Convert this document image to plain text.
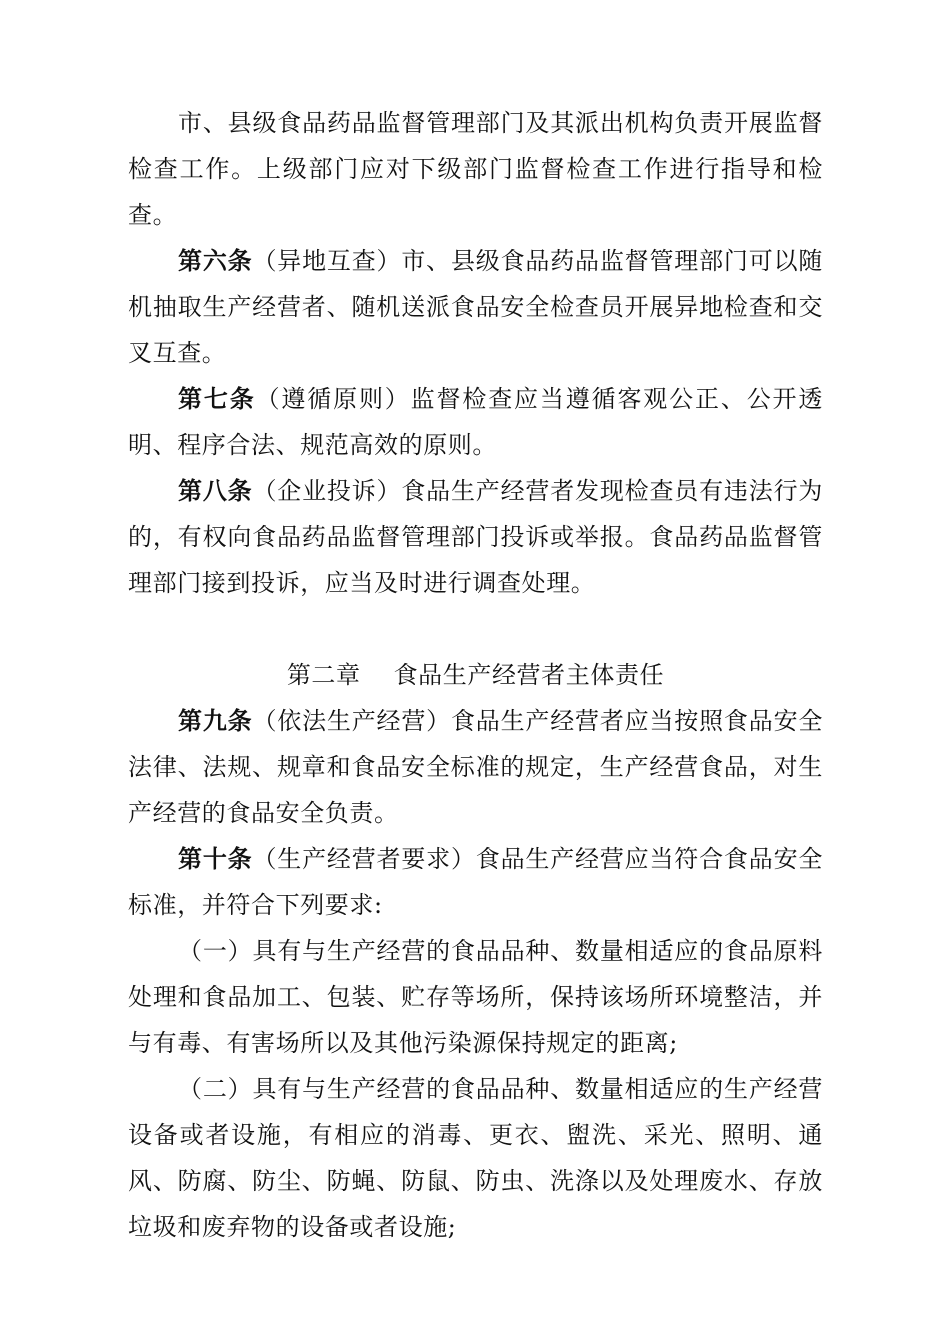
市、县级食品药品监督管理部门及其派出机构负责开展监督检查工作。上级部门应对下级部门监督检查工作进行指导和检查。

第六条（异地互查）市、县级食品药品监督管理部门可以随机抽取生产经营者、随机送派食品安全检查员开展异地检查和交叉互查。

第七条（遵循原则）监督检查应当遵循客观公正、公开透明、程序合法、规范高效的原则。

第八条（企业投诉）食品生产经营者发现检查员有违法行为的，有权向食品药品监督管理部门投诉或举报。食品药品监督管理部门接到投诉，应当及时进行调查处理。

第二章 食品生产经营者主体责任

第九条（依法生产经营）食品生产经营者应当按照食品安全法律、法规、规章和食品安全标准的规定，生产经营食品，对生产经营的食品安全负责。

第十条（生产经营者要求）食品生产经营应当符合食品安全标准，并符合下列要求:

（一）具有与生产经营的食品品种、数量相适应的食品原料处理和食品加工、包装、贮存等场所，保持该场所环境整洁，并与有毒、有害场所以及其他污染源保持规定的距离;

（二）具有与生产经营的食品品种、数量相适应的生产经营设备或者设施，有相应的消毒、更衣、盥洗、采光、照明、通风、防腐、防尘、防蝇、防鼠、防虫、洗涤以及处理废水、存放垃圾和废弃物的设备或者设施;
